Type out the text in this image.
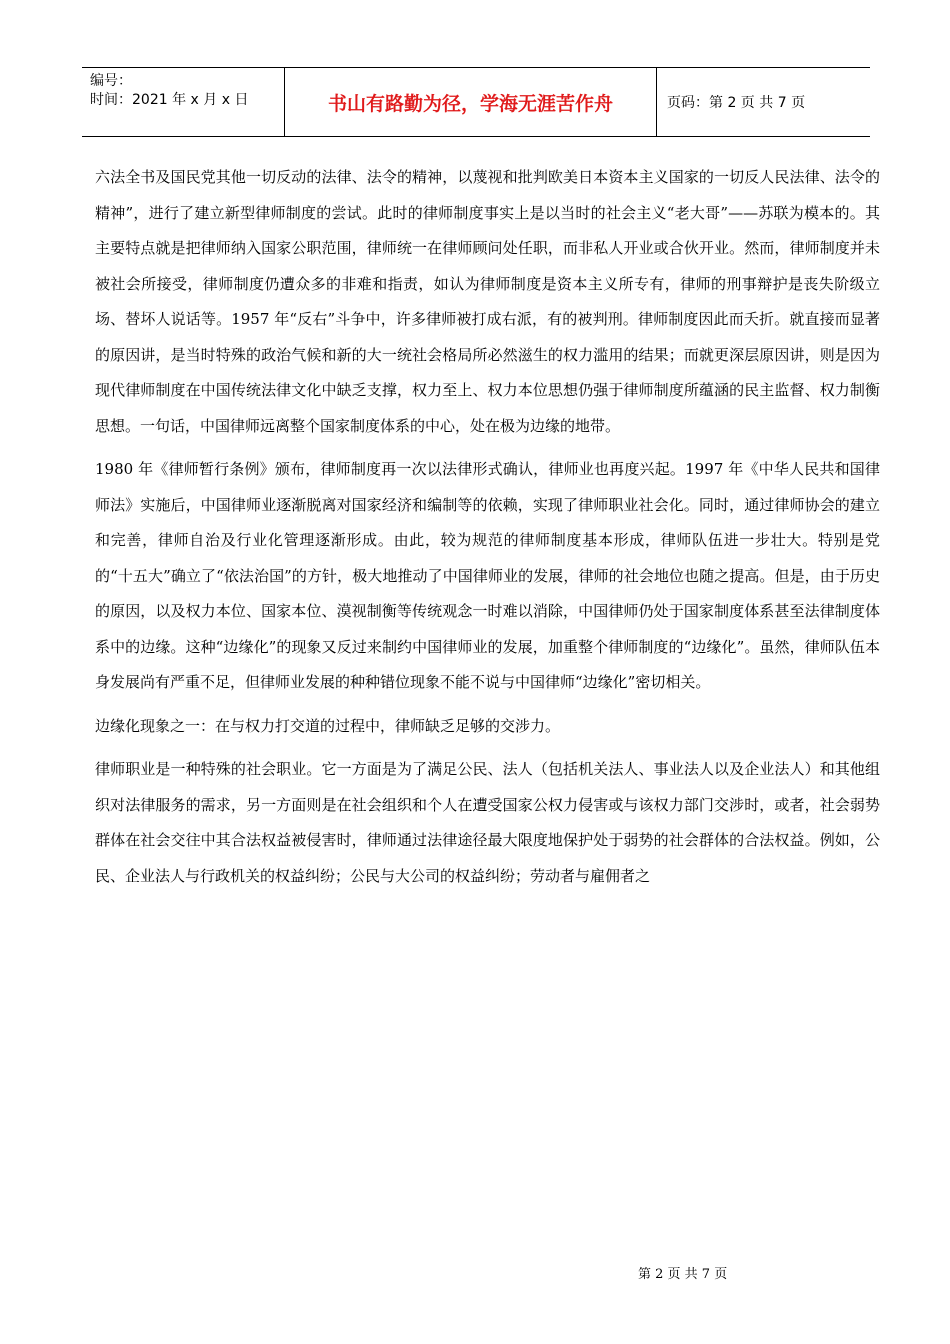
编号：
时间：2021 年 x 月 x 日	书山有路勤为径，学海无涯苦作舟	页码：第 2 页 共 7 页

六法全书及国民党其他一切反动的法律、法令的精神，以蔑视和批判欧美日本资本主义国家的一切反人民法律、法令的精神”，进行了建立新型律师制度的尝试。此时的律师制度事实上是以当时的社会主义“老大哥”——苏联为模本的。其主要特点就是把律师纳入国家公职范围，律师统一在律师顾问处任职，而非私人开业或合伙开业。然而，律师制度并未被社会所接受，律师制度仍遭众多的非难和指责，如认为律师制度是资本主义所专有，律师的刑事辩护是丧失阶级立场、替坏人说话等。1957 年“反右”斗争中，许多律师被打成右派，有的被判刑。律师制度因此而夭折。就直接而显著的原因讲，是当时特殊的政治气候和新的大一统社会格局所必然滋生的权力滥用的结果；而就更深层原因讲，则是因为现代律师制度在中国传统法律文化中缺乏支撑，权力至上、权力本位思想仍强于律师制度所蕴涵的民主监督、权力制衡思想。一句话，中国律师远离整个国家制度体系的中心，处在极为边缘的地带。

1980 年《律师暂行条例》颁布，律师制度再一次以法律形式确认，律师业也再度兴起。1997 年《中华人民共和国律师法》实施后，中国律师业逐渐脱离对国家经济和编制等的依赖，实现了律师职业社会化。同时，通过律师协会的建立和完善，律师自治及行业化管理逐渐形成。由此，较为规范的律师制度基本形成，律师队伍进一步壮大。特别是党的“十五大”确立了“依法治国”的方针，极大地推动了中国律师业的发展，律师的社会地位也随之提高。但是，由于历史的原因，以及权力本位、国家本位、漠视制衡等传统观念一时难以消除，中国律师仍处于国家制度体系甚至法律制度体系中的边缘。这种“边缘化”的现象又反过来制约中国律师业的发展，加重整个律师制度的“边缘化”。虽然，律师队伍本身发展尚有严重不足，但律师业发展的种种错位现象不能不说与中国律师“边缘化”密切相关。

边缘化现象之一：在与权力打交道的过程中，律师缺乏足够的交涉力。

律师职业是一种特殊的社会职业。它一方面是为了满足公民、法人（包括机关法人、事业法人以及企业法人）和其他组织对法律服务的需求，另一方面则是在社会组织和个人在遭受国家公权力侵害或与该权力部门交涉时，或者，社会弱势群体在社会交往中其合法权益被侵害时，律师通过法律途径最大限度地保护处于弱势的社会群体的合法权益。例如，公民、企业法人与行政机关的权益纠纷；公民与大公司的权益纠纷；劳动者与雇佣者之

第 2 页 共 7 页
